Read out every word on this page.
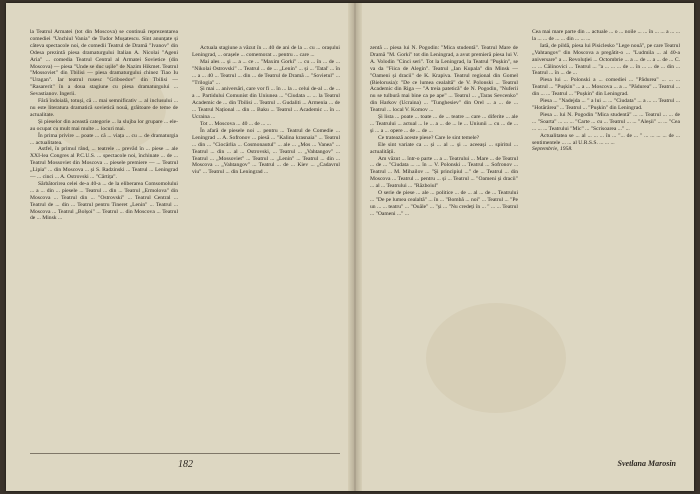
la Teatrul Armatei (tot din Moscova) se continuă reprezentarea comediei "Unchiul Vania" de Tudor Mușatescu. Sint anunțate și câteva spectacole noi, de comedii Teatrul de Dramă "Ivanov" din Odesa prezintă piesa dramaturgului Italian A. Nicolai "Ageni Aria" ... comedia Teatrul Central al Armatei Sovietice (din Moscova) — piesa "Unde se duc ușile" de Nazim Hikmet. Teatrul "Mossoviet" din Tbilisi — piesa dramaturgului chinez Tiao Iu "Uragan". Iar teatrul rusesc "Griboedov" din Tbilisi — "Rasarerit" în a doua stagiune cu piesa dramaturgului ... Sevastianov. Ingerii.

Fără îndoială, totuși, că ... mai semnificativ ... al inclusului ... nu este literatura dramatică sovietică nouă, grăitoare de teme de actualitate.

Și pieselor din această categorie ... la slujba lor grupare ... ele-au ocupat cu mult mai multe ... locuri mai.

În prima privire ... poate ... că ... viața ... cu ... de dramaturgia ... actualitatea.

Astfel, în primul rând, ... teatrele ... prevăd în ... piese ... ale XXI-lea Congres al P.C.U.S. ... spectacole noi, închinate ... de ... Teatrul Mossoviet din Moscova ... piesele premiere — ... Teatrul „Lipia" ... din Moscova ... și S. Radzinski ... Teatrul ... Leningrad — ... cinci ... A. Ostrovski ... "Cârtița".

Sărbătorirea celei de-a 40-a ... de la eliberarea Comsomolului ... a ... din ... piesele ... Teatrul ... din ... Teatrul „Ermolova" din Moscova ... Teatrul din ... "Ostrovski" ... Teatrul Central ... Teatrul de ... din ... Teatrul pentru Tineret „Lenin" ... Teatrul ... Moscova ... Teatrul „Bolșoi" ... Teatrul ... din Moscova ... Teatrul de ... Minsk ...

Actuala stagiune a văzut în ... 40 de ani de la ... cu ... orașului Leningrad, ... orașele ... comemorat ... pentru ... care ...

Mai ales ... și ... a ... ce ... "Maxim Gorki" ... cu ... în ... de ... "Nikolai Ostrovski" ... Teatrul ... de ... „Lenin" ... și ... 'Tatal' ... în ... a ... 40 ... Teatrul ... din ... de Teatrul de Dramă ... "Sovietul" ... "Trilogia" ...

Și mai ... aniversări, care vor fi ... în ... la ... celui de-al ... de ... a ... Partidului Comunist din Uniunea ... "Ciudata ... ... la Teatrul Academic de ... din Tbilisi ... Teatrul ... Gudaliti ... Armenia ... de ... Teatrul Național ... din ... Baku ... Teatrul ... Academic ... în ... Ucraina ...

Tot ... Moscova ... 40 ... de ... ...

În afară de piesele noi ... pentru ... Teatrul de Comedie ... Leningrad ... A. Sofronov ... piesă ... "Kalina krasnaia" ... Teatrul ... din ... "Ciocârlia ... Cosmonautul" ... ale ... „Mos ... Vanea" ... Teatrul ... din ... al ... Ostrovski, ... Teatrul ... „Vahtangov" ... Teatrul ... „Mossoviet" ... Teatrul ... „Lenin" ... Teatrul ... din ... Moscova ... „Vahtangov" ... Teatrul ... de ... Kiev ... „Cadavrul viu" ... Teatrul ... din Leningrad ...

182

zentă ... piesa lui N. Pogodin: "Mica studentă". Teatrul Mare de Dramă "M. Gorki" tot din Leningrad, a avut premieră piesa lui V. A. Volodin "Cinci seri". Tot la Leningrad, la Teatrul "Pușkin", se va da "Fiica de Alegin". Teatrul „Ian Kupala" din Minsk — "Oameni și dracii" de K. Krapiva. Teatrul regional din Gomel (Bielorusia): "De ce lumea cealaltă" de V. Polonski ... Teatrul Academic din Riga — "A treia pateticǎ" de N. Pogodin, "Nuferii nu se tulbură mai bine ca pe ape" ... Teatrul ... „Taras Sevcenko" din Harkov (Ucraina) ... "Tunghesiev" din Orel ... a ... de ... Teatrul ... local V. Komov ...

Și lista ... poate ... toate ... de ... teatre ... care ... diferite ... ale ... Teatrului ... actual ... le ... a ... de ... le ... Uniunii ... cu ... de ... și ... a ... opere ... de ... de ...

Ce tratează aceste piese? Care le sint temele?

Ele sint variate ca ... și ... al ... și ... aceeași ... spiritul ... actualității.

Am văzut ... într-o parte ... a ... Teatrului ... Mare ... de Teatrul ... de ... "Ciudata ... ... în ... V. Polonski ... Teatrul ... Sofronov ... Teatrul ... M. Mihailov ... "Și principiul ..." de ... Teatrul ... din Moscova ... Teatrul ... pentru ... și ... Teatrul ... "Oameni și dracii" ... al ... Teatrului ... "Războiul"

O serie de piese ... ale ... politice ... de ... al ... de ... Teatrului ... "De pe lumea cealaltă" ... în ... "Bombă ... noi" ... Teatrul ... "Pe un ... ... teatru" ... "Ouăle" ... "și ... "Nu credeți în ... " ... ... Teatrul ... "Oameni ..." ...

Cea mai mare parte din ... actuale ... o ... noile ... ... în ... ... a ... ... la ... ... de ... ... din ... ... ...

Iată, de pildă, piesa lui Pisiclesko "Lege nouă", pe care Teatrul „Vahtangov" din Moscova a pregătit-o ... "Ludmila ... al 40-a aniversare" a ... Revoluției ... Octombrie ... a ... de ... a ... de ... C. ... ... Călinovici ... Teatrul ... "a ... ... ... de ... în ... ... de ... din ... Teatrul ... în ... de ...

Piesa lui ... Polonski a ... comediei ... "Pădurea" ... ... ... Teatrul ... "Pușkin" ... a ... Moscova ... a ... "Pădurea" ... Teatrul ... din ... ... Teatrul ... "Pușkin" din Leningrad.

Piesa ... "Nadejda ... " a lui ... ... "Ciudata" ... a ... ... Teatrul ... "Hotărârea" ... Teatrul ... "Pușkin" din Leningrad.

Piesa ... lui N. Pogodin "Mica studentă" ... ... Teatrul ... ... de ... "Soarta" ... ... ... "Carte ... cu ... Teatrul ... ... "Aleșii" ... ... "Cea ... ... ... Teatrului "Mic" ... "Scrisoarea ..." ...

Actualitatea se ... al ... ... ... în ... "... de ... " ... ... ... ... de ... sentimentele ... ... al U.R.S.S. ... ... ...

Septembrie, 1958.

Svetlana Marosin
